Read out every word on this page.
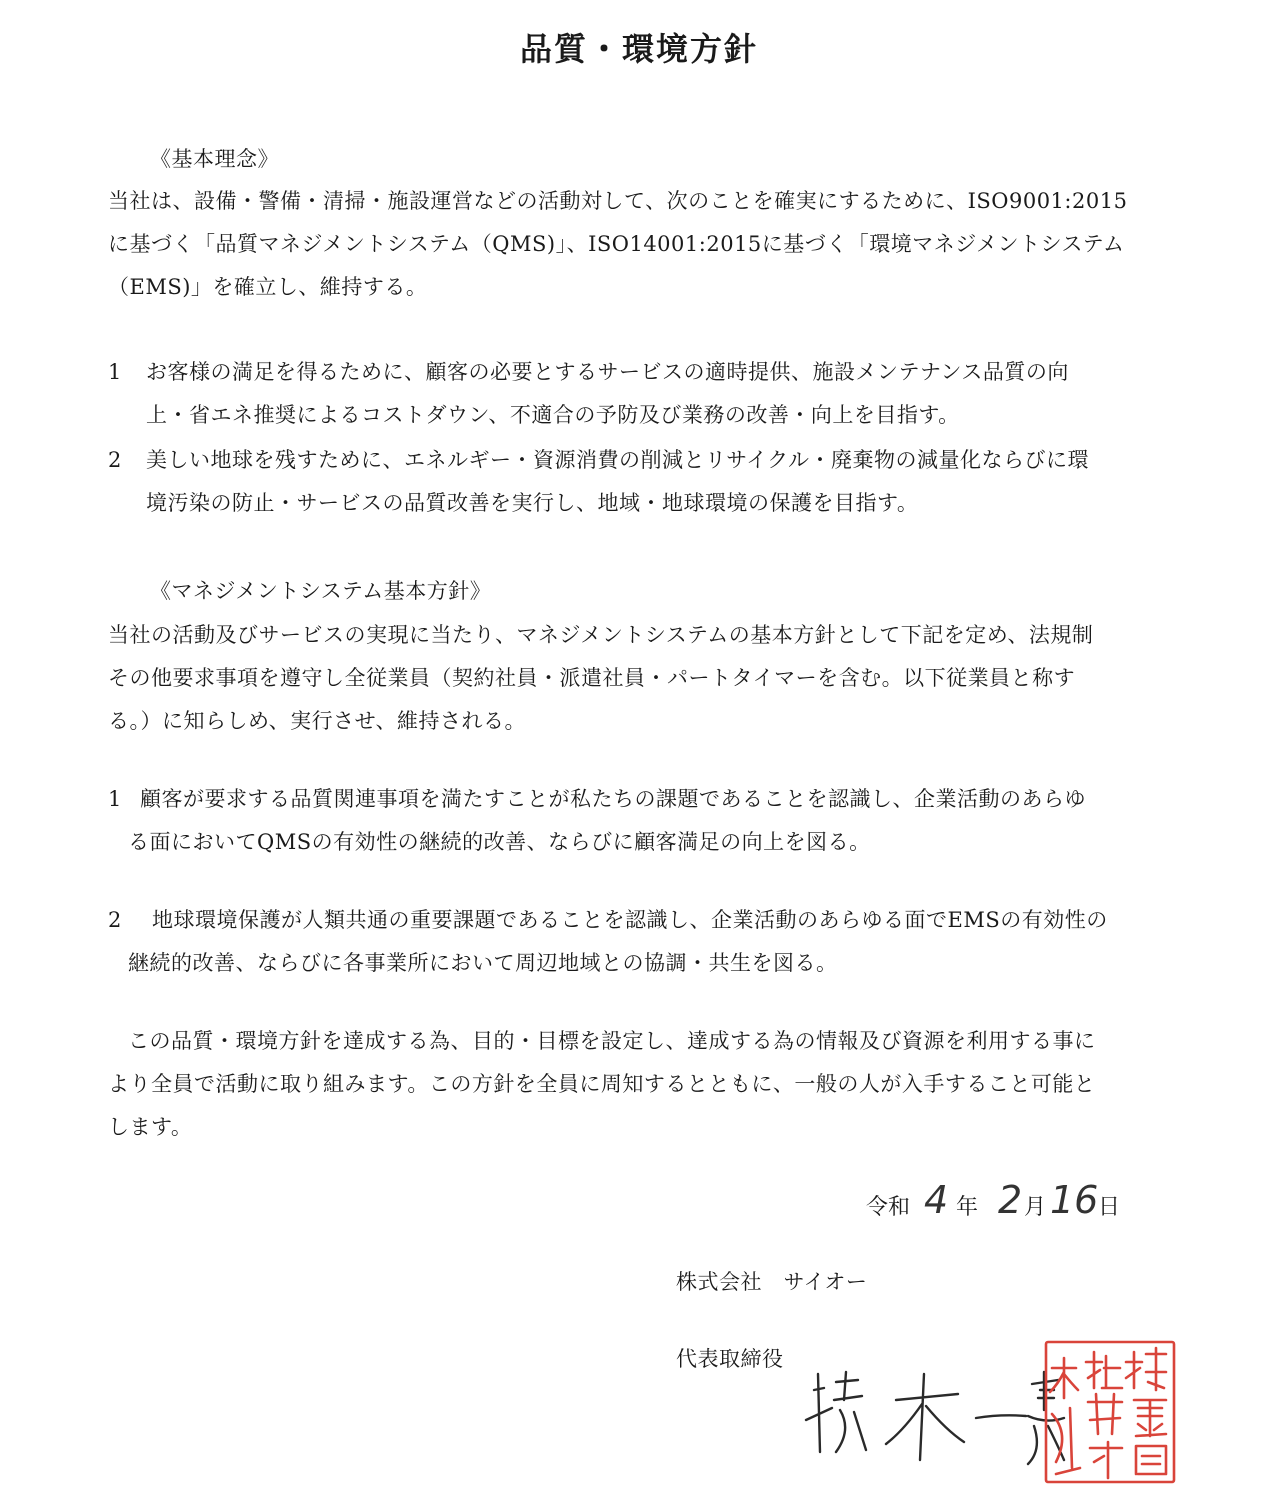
品質・環境方針
《基本理念》
当社は、設備・警備・清掃・施設運営などの活動対して、次のことを確実にするために、ISO9001:2015
に基づく「品質マネジメントシステム（QMS)」、ISO14001:2015に基づく「環境マネジメントシステム
（EMS)」を確立し、維持する。
1 お客様の満足を得るために、顧客の必要とするサービスの適時提供、施設メンテナンス品質の向
上・省エネ推奨によるコストダウン、不適合の予防及び業務の改善・向上を目指す。
2 美しい地球を残すために、エネルギー・資源消費の削減とリサイクル・廃棄物の減量化ならびに環
境汚染の防止・サービスの品質改善を実行し、地域・地球環境の保護を目指す。
《マネジメントシステム基本方針》
当社の活動及びサービスの実現に当たり、マネジメントシステムの基本方針として下記を定め、法規制
その他要求事項を遵守し全従業員（契約社員・派遣社員・パートタイマーを含む。以下従業員と称す
る。）に知らしめ、実行させ、維持される。
1 顧客が要求する品質関連事項を満たすことが私たちの課題であることを認識し、企業活動のあらゆ
る面においてQMSの有効性の継続的改善、ならびに顧客満足の向上を図る。
2 地球環境保護が人類共通の重要課題であることを認識し、企業活動のあらゆる面でEMSの有効性の
継続的改善、ならびに各事業所において周辺地域との協調・共生を図る。
この品質・環境方針を達成する為、目的・目標を設定し、達成する為の情報及び資源を利用する事に
より全員で活動に取り組みます。この方針を全員に周知するとともに、一般の人が入手すること可能と
します。
令和 4 年 2 月 16 日
株式会社　サイオー
代表取締役
